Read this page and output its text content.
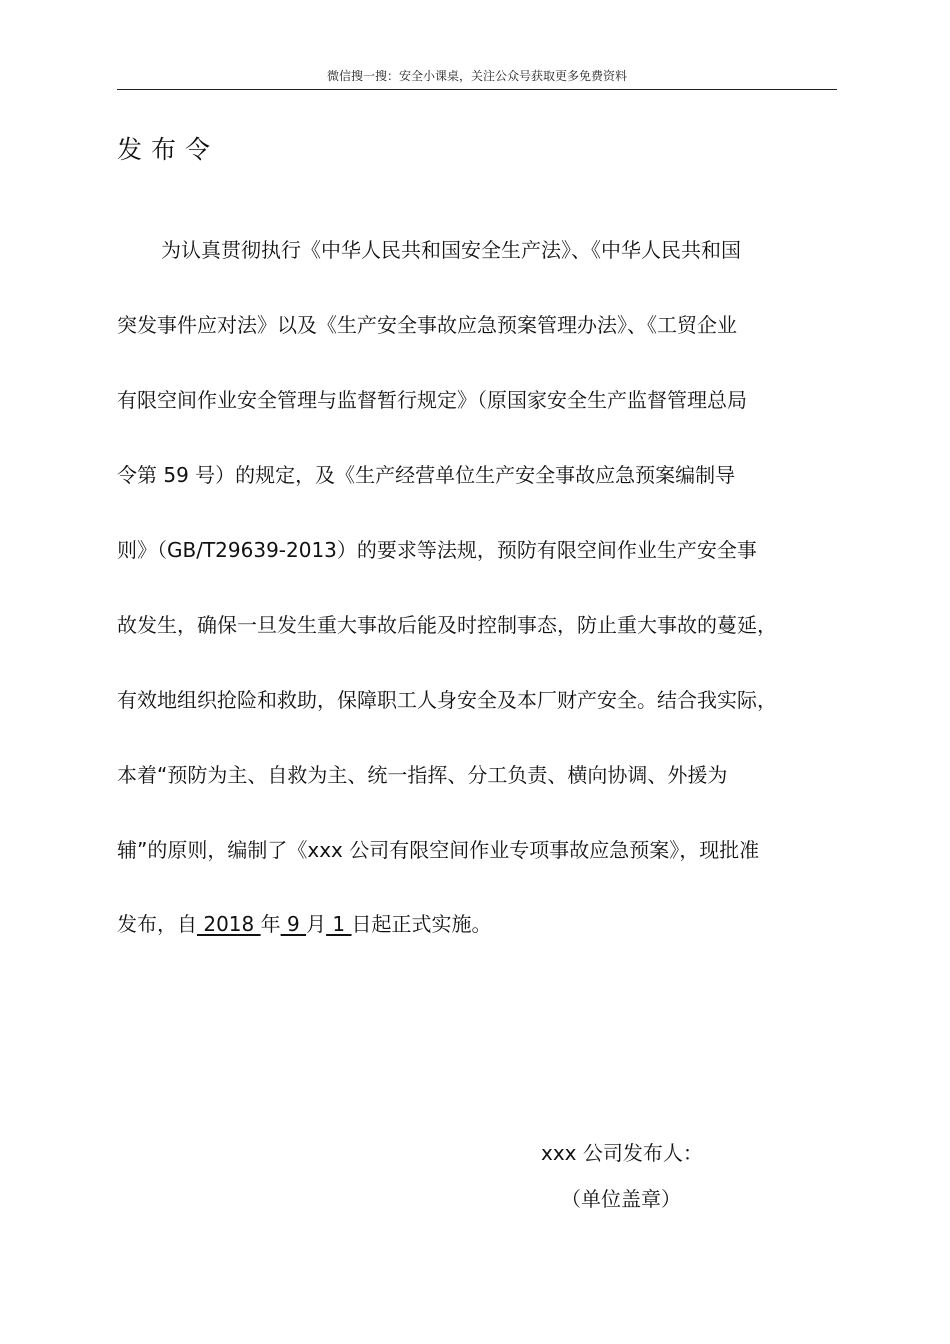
微信搜一搜：安全小课桌，关注公众号获取更多免费资料
发布令
为认真贯彻执行《中华人民共和国安全生产法》、《中华人民共和国
突发事件应对法》以及《生产安全事故应急预案管理办法》、《工贸企业
有限空间作业安全管理与监督暂行规定》（原国家安全生产监督管理总局
令第 59 号）的规定，及《生产经营单位生产安全事故应急预案编制导
则》（GB/T29639-2013）的要求等法规，预防有限空间作业生产安全事
故发生，确保一旦发生重大事故后能及时控制事态，防止重大事故的蔓延，
有效地组织抢险和救助，保障职工人身安全及本厂财产安全。结合我实际，
本着“预防为主、自救为主、统一指挥、分工负责、横向协调、外援为
辅”的原则，编制了《xxx 公司有限空间作业专项事故应急预案》，现批准
发布，自 2018 年 9 月 1 日起正式实施。
xxx 公司发布人：
（单位盖章）
